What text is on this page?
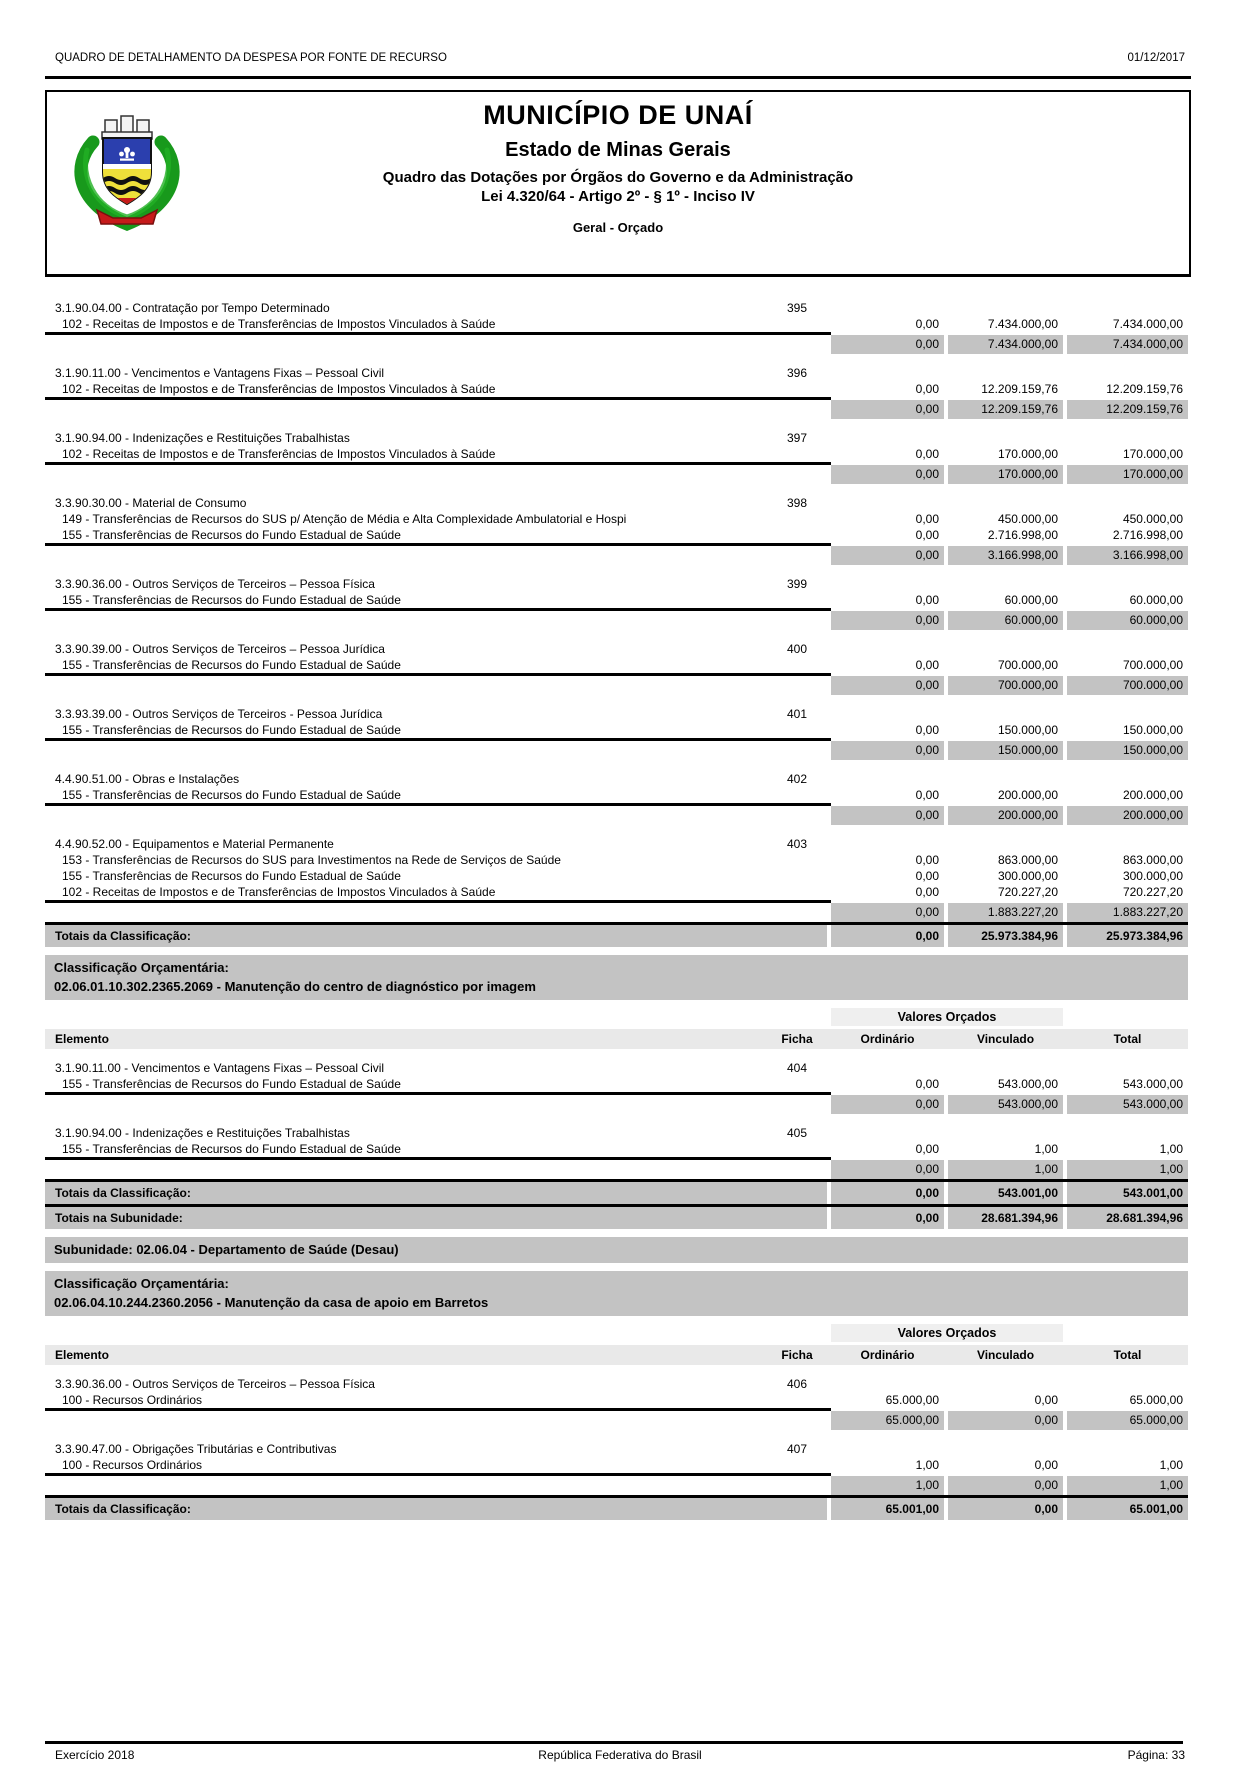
QUADRO DE DETALHAMENTO DA DESPESA POR FONTE DE RECURSO	01/12/2017
MUNICÍPIO DE UNAÍ
Estado de Minas Gerais
Quadro das Dotações por Órgãos do Governo e da Administração
Lei 4.320/64 - Artigo 2º - § 1º - Inciso IV
Geral - Orçado
3.1.90.04.00 - Contratação por Tempo Determinado	395
102 - Receitas de Impostos e de Transferências de Impostos Vinculados à Saúde	0,00	7.434.000,00	7.434.000,00
0,00	7.434.000,00	7.434.000,00
3.1.90.11.00 - Vencimentos e Vantagens Fixas – Pessoal Civil	396
102 - Receitas de Impostos e de Transferências de Impostos Vinculados à Saúde	0,00	12.209.159,76	12.209.159,76
0,00	12.209.159,76	12.209.159,76
3.1.90.94.00 - Indenizações e Restituições Trabalhistas	397
102 - Receitas de Impostos e de Transferências de Impostos Vinculados à Saúde	0,00	170.000,00	170.000,00
0,00	170.000,00	170.000,00
3.3.90.30.00 - Material de Consumo	398
149 - Transferências de Recursos do SUS p/ Atenção de Média e Alta Complexidade Ambulatorial e Hospi	0,00	450.000,00	450.000,00
155 - Transferências de Recursos do Fundo Estadual de Saúde	0,00	2.716.998,00	2.716.998,00
0,00	3.166.998,00	3.166.998,00
3.3.90.36.00 - Outros Serviços de Terceiros – Pessoa Física	399
155 - Transferências de Recursos do Fundo Estadual de Saúde	0,00	60.000,00	60.000,00
0,00	60.000,00	60.000,00
3.3.90.39.00 - Outros Serviços de Terceiros – Pessoa Jurídica	400
155 - Transferências de Recursos do Fundo Estadual de Saúde	0,00	700.000,00	700.000,00
0,00	700.000,00	700.000,00
3.3.93.39.00 - Outros Serviços de Terceiros - Pessoa Jurídica	401
155 - Transferências de Recursos do Fundo Estadual de Saúde	0,00	150.000,00	150.000,00
0,00	150.000,00	150.000,00
4.4.90.51.00 - Obras e Instalações	402
155 - Transferências de Recursos do Fundo Estadual de Saúde	0,00	200.000,00	200.000,00
0,00	200.000,00	200.000,00
4.4.90.52.00 - Equipamentos e Material Permanente	403
153 - Transferências de Recursos do SUS para Investimentos na Rede de Serviços de Saúde	0,00	863.000,00	863.000,00
155 - Transferências de Recursos do Fundo Estadual de Saúde	0,00	300.000,00	300.000,00
102 - Receitas de Impostos e de Transferências de Impostos Vinculados à Saúde	0,00	720.227,20	720.227,20
0,00	1.883.227,20	1.883.227,20
Totais da Classificação:	0,00	25.973.384,96	25.973.384,96
Classificação Orçamentária:
02.06.01.10.302.2365.2069 - Manutenção do centro de diagnóstico por imagem
Valores Orçados
Elemento	Ficha	Ordinário	Vinculado	Total
3.1.90.11.00 - Vencimentos e Vantagens Fixas – Pessoal Civil	404
155 - Transferências de Recursos do Fundo Estadual de Saúde	0,00	543.000,00	543.000,00
0,00	543.000,00	543.000,00
3.1.90.94.00 - Indenizações e Restituições Trabalhistas	405
155 - Transferências de Recursos do Fundo Estadual de Saúde	0,00	1,00	1,00
0,00	1,00	1,00
Totais da Classificação:	0,00	543.001,00	543.001,00
Totais na Subunidade:	0,00	28.681.394,96	28.681.394,96
Subunidade: 02.06.04 - Departamento de Saúde (Desau)
Classificação Orçamentária:
02.06.04.10.244.2360.2056 - Manutenção da casa de apoio em Barretos
Valores Orçados
Elemento	Ficha	Ordinário	Vinculado	Total
3.3.90.36.00 - Outros Serviços de Terceiros – Pessoa Física	406
100 - Recursos Ordinários	65.000,00	0,00	65.000,00
65.000,00	0,00	65.000,00
3.3.90.47.00 - Obrigações Tributárias e Contributivas	407
100 - Recursos Ordinários	1,00	0,00	1,00
1,00	0,00	1,00
Totais da Classificação:	65.001,00	0,00	65.001,00
Exercício 2018	República Federativa do Brasil	Página: 33
